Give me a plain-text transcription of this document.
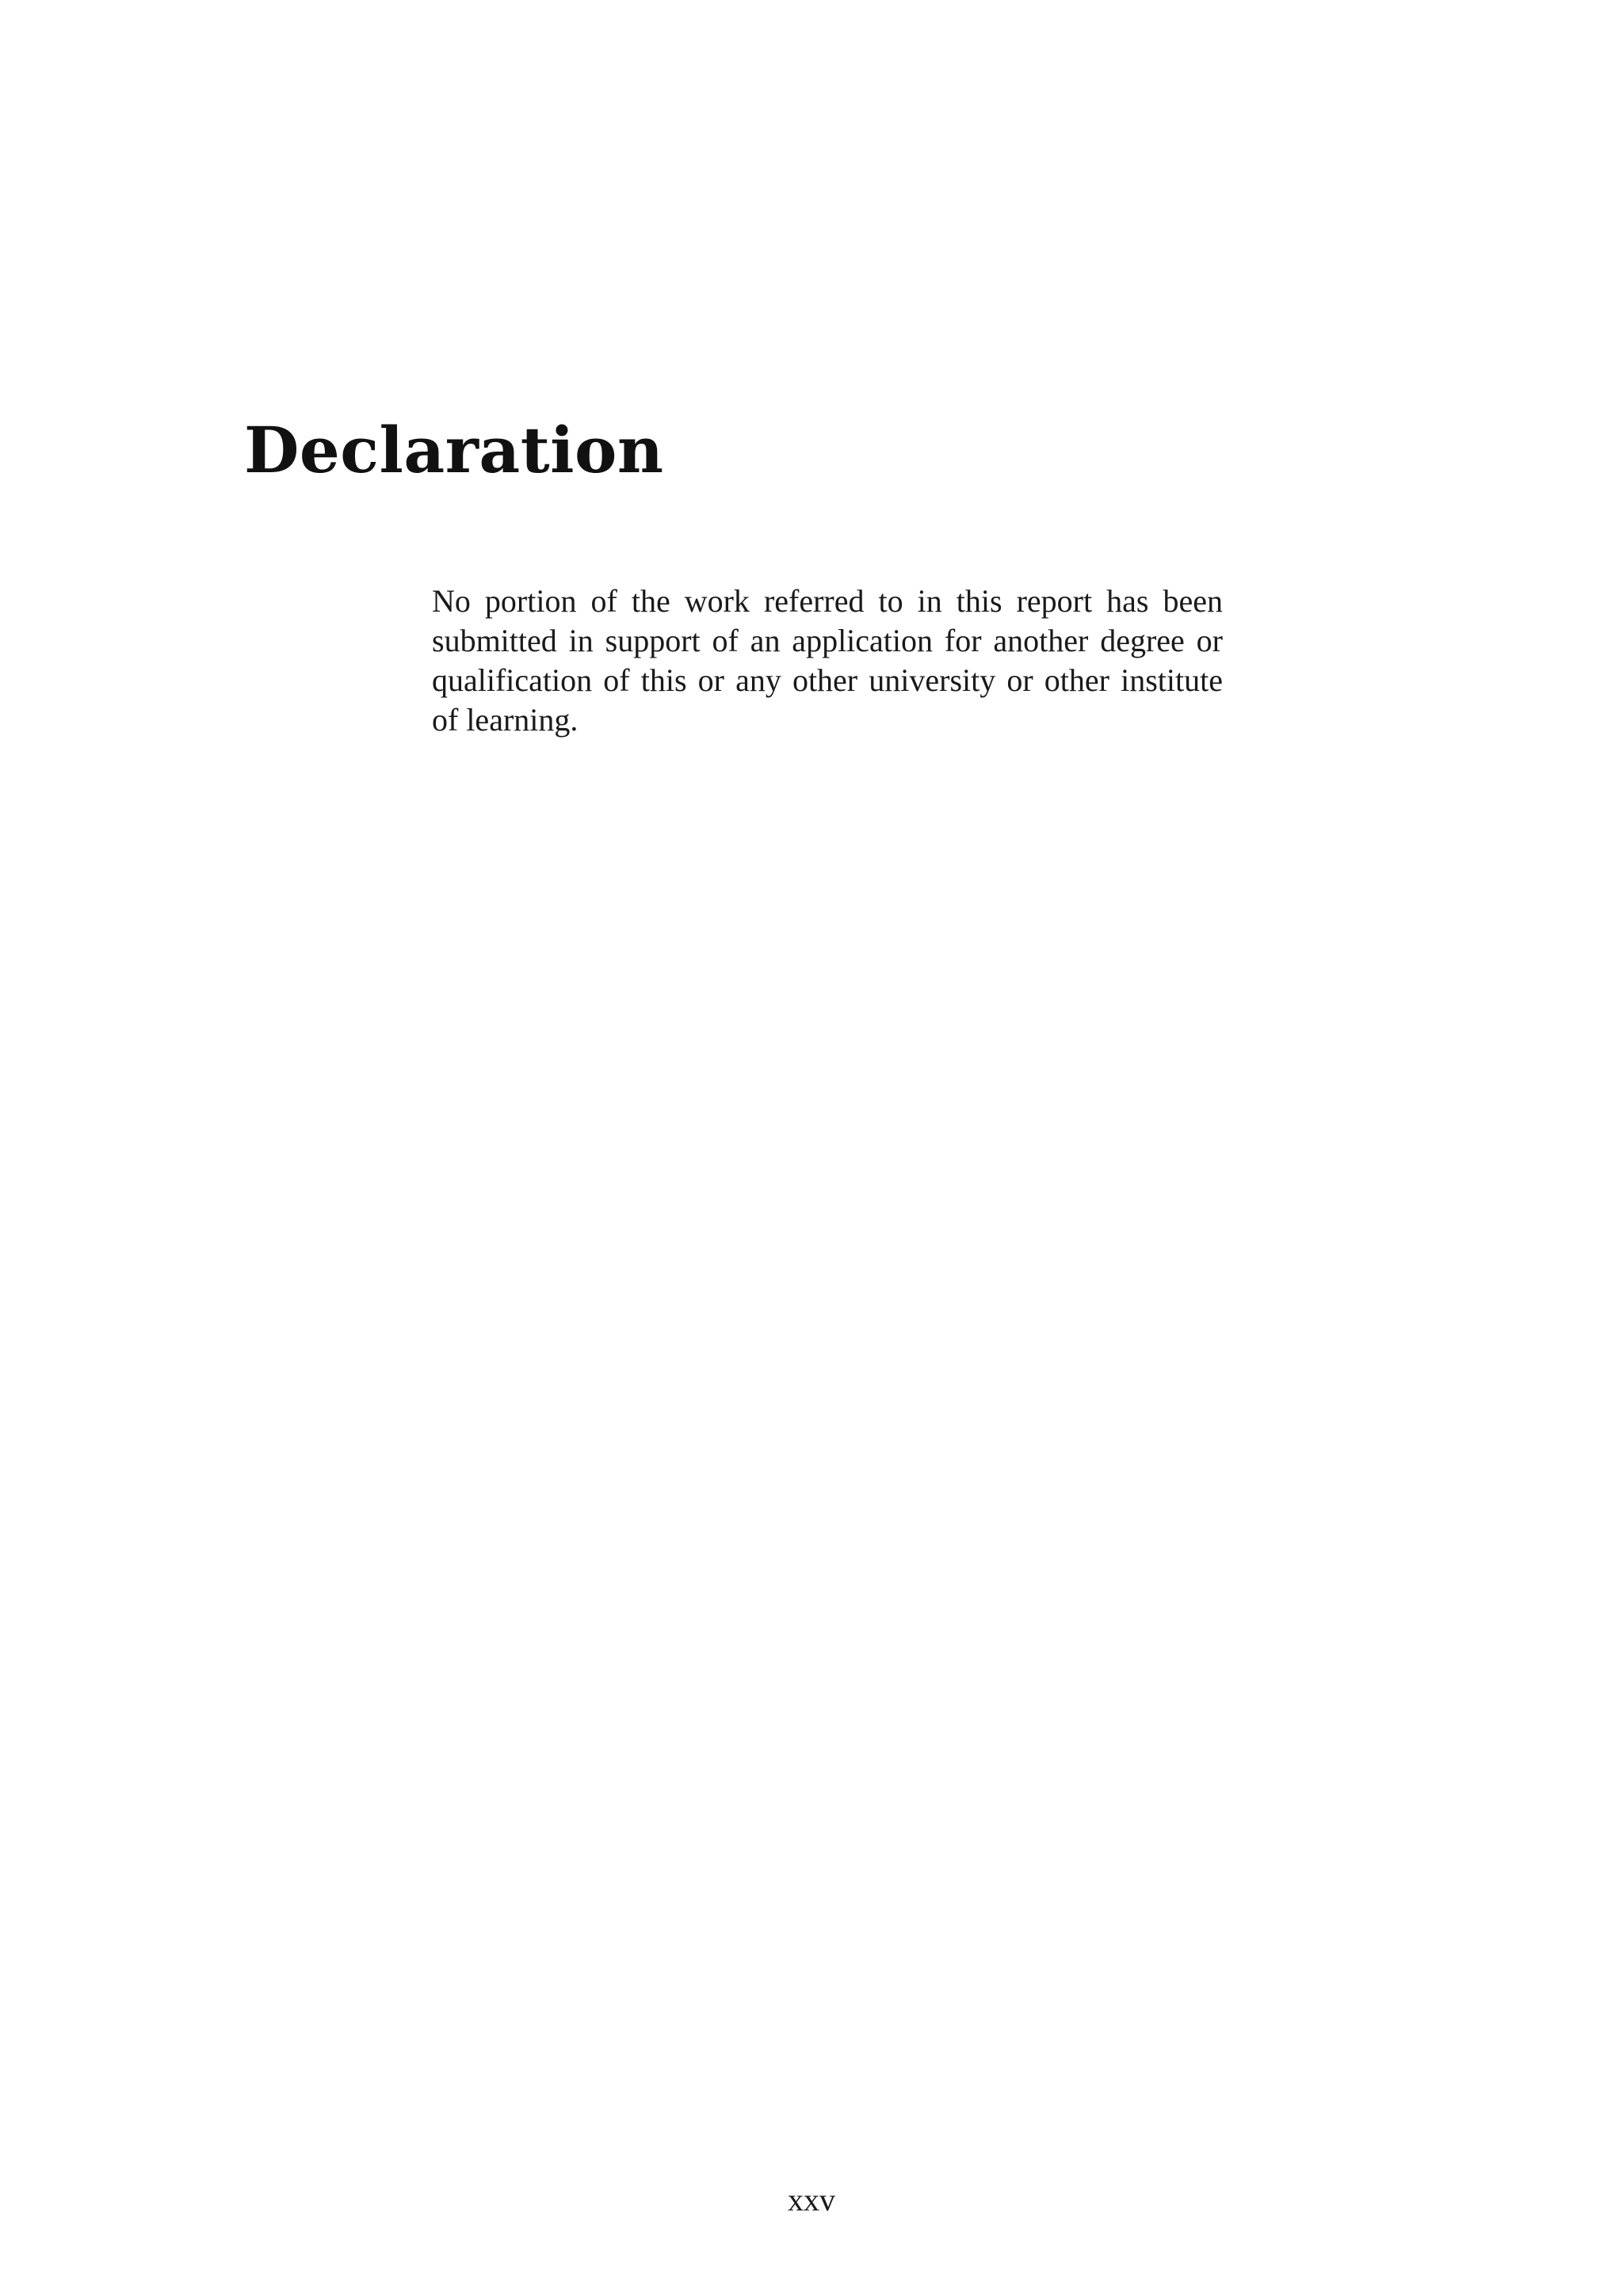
Declaration

No portion of the work referred to in this report has been submitted in support of an application for another degree or qualification of this or any other university or other institute of learning.

xxv
